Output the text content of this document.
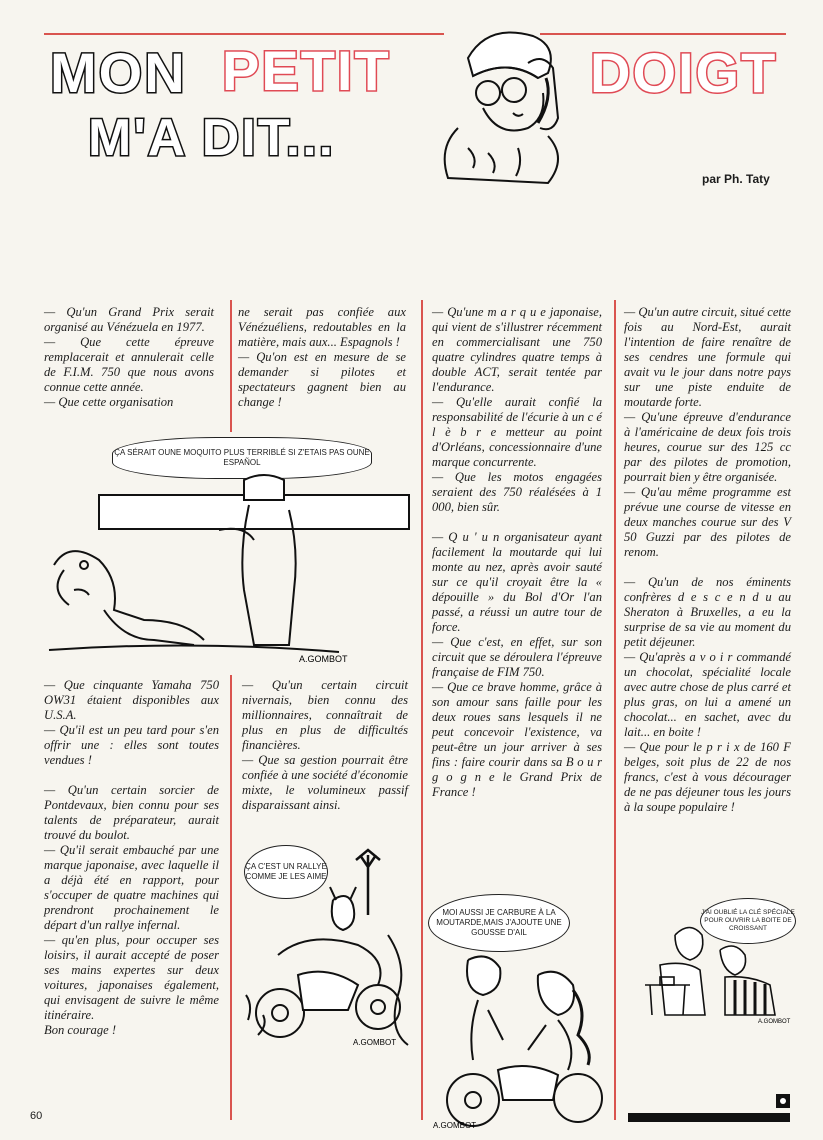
MON PETIT	DOIGT
M'A DIT...
par Ph. Taty

— Qu'un Grand Prix serait organisé au Vénézuela en 1977.

— Que cette épreuve remplacerait et annulerait celle de F.I.M. 750 que nous avons connue cette année.

— Que cette organisation

ne serait pas confiée aux Vénézuéliens, redoutables en la matière, mais aux... Espagnols !

— Qu'on est en mesure de se demander si pilotes et spectateurs gagnent bien au change !

ÇA SÉRAIT OUNE MOQUITO PLUS TERRIBLÉ SI Z'ETAIS PAS OUNE ESPAÑOL
A.GOMBOT

— Que cinquante Yamaha 750 OW31 étaient disponibles aux U.S.A.

— Qu'il est un peu tard pour s'en offrir une : elles sont toutes vendues !

— Qu'un certain sorcier de Pontdevaux, bien connu pour ses talents de préparateur, aurait trouvé du boulot.

— Qu'il serait embauché par une marque japonaise, avec laquelle il a déjà été en rapport, pour s'occuper de quatre machines qui prendront prochainement le départ d'un rallye infernal.

— qu'en plus, pour occuper ses loisirs, il aurait accepté de poser ses mains expertes sur deux voitures, japonaises également, qui envisagent de suivre le même itinéraire.

Bon courage !

— Qu'un certain circuit nivernais, bien connu des millionnaires, connaîtrait de plus en plus de difficultés financières.

— Que sa gestion pourrait être confiée à une société d'économie mixte, le volumineux passif disparaissant ainsi.

ÇA C'EST UN RALLYE COMME JE LES AIME
A.GOMBOT

— Qu'une m a r q u e japonaise, qui vient de s'illustrer récemment en commercialisant une 750 quatre cylindres quatre temps à double ACT, serait tentée par l'endurance.

— Qu'elle aurait confié la responsabilité de l'écurie à un c é l è b r e metteur au point d'Orléans, concessionnaire d'une marque concurrente.

— Que les motos engagées seraient des 750 réalésées à 1 000, bien sûr.

— Q u ' u n organisateur ayant facilement la moutarde qui lui monte au nez, après avoir sauté sur ce qu'il croyait être la « dépouille » du Bol d'Or l'an passé, a réussi un autre tour de force.

— Que c'est, en effet, sur son circuit que se déroulera l'épreuve française de FIM 750.

— Que ce brave homme, grâce à son amour sans faille pour les deux roues sans lesquels il ne peut concevoir l'existence, va peut-être un jour arriver à ses fins : faire courir dans sa B o u r g o g n e le Grand Prix de France !

MOI AUSSI JE CARBURE À LA MOUTARDE,MAIS J'AJOUTE UNE GOUSSE D'AIL
A.GOMBOT

— Qu'un autre circuit, situé cette fois au Nord-Est, aurait l'intention de faire renaître de ses cendres une formule qui avait vu le jour dans notre pays sur une piste enduite de moutarde forte.

— Qu'une épreuve d'endurance à l'américaine de deux fois trois heures, courue sur des 125 cc par des pilotes de promotion, pourrait bien y être organisée.

— Qu'au même programme est prévue une course de vitesse en deux manches courue sur des V 50 Guzzi par des pilotes de renom.

— Qu'un de nos éminents confrères d e s c e n d u au Sheraton à Bruxelles, a eu la surprise de sa vie au moment du petit déjeuner.

— Qu'après a v o i r commandé un chocolat, spécialité locale avec autre chose de plus carré et plus gras, on lui a amené un chocolat... en sachet, avec du lait... en boite !

— Que pour le p r i x de 160 F belges, soit plus de 22 de nos francs, c'est à vous décourager de ne pas déjeuner tous les jours à la soupe populaire !

J'AI OUBLIÉ LA CLÉ SPÉCIALE POUR OUVRIR LA BOITE DE CROISSANT
A.GOMBOT
60
